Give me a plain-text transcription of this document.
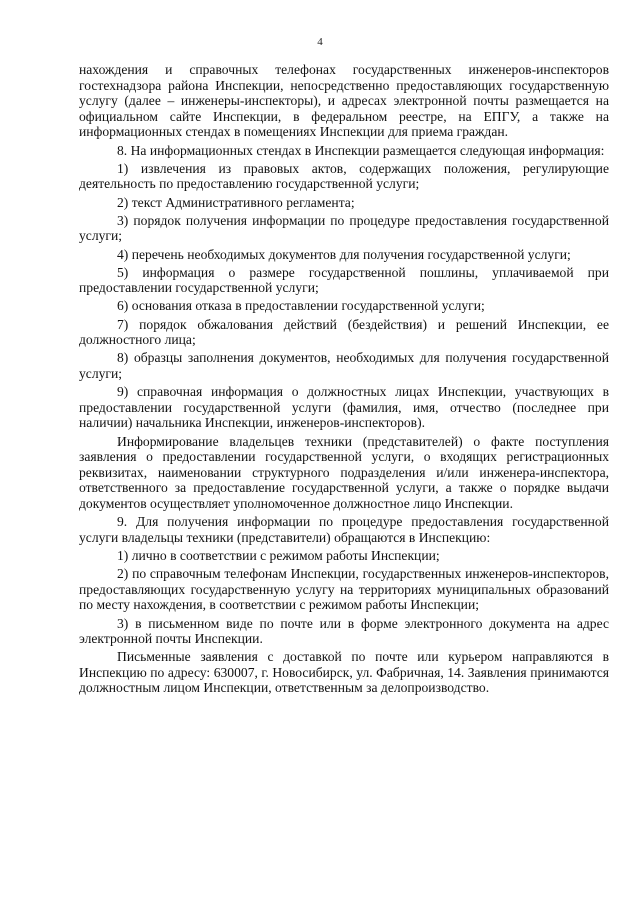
4

нахождения и справочных телефонах государственных инженеров-инспекторов гостехнадзора района Инспекции, непосредственно предоставляющих государственную услугу (далее – инженеры-инспекторы), и адресах электронной почты размещается на официальном сайте Инспекции, в федеральном реестре, на ЕПГУ, а также на информационных стендах в помещениях Инспекции для приема граждан.

8. На информационных стендах в Инспекции размещается следующая информация:

1) извлечения из правовых актов, содержащих положения, регулирующие деятельность по предоставлению государственной услуги;

2) текст Административного регламента;

3) порядок получения информации по процедуре предоставления государственной услуги;

4) перечень необходимых документов для получения государственной услуги;

5) информация о размере государственной пошлины, уплачиваемой при предоставлении государственной услуги;

6) основания отказа в предоставлении государственной услуги;

7) порядок обжалования действий (бездействия) и решений Инспекции, ее должностного лица;

8) образцы заполнения документов, необходимых для получения государственной услуги;

9) справочная информация о должностных лицах Инспекции, участвующих в предоставлении государственной услуги (фамилия, имя, отчество (последнее при наличии) начальника Инспекции, инженеров-инспекторов).

Информирование владельцев техники (представителей) о факте поступления заявления о предоставлении государственной услуги, о входящих регистрационных реквизитах, наименовании структурного подразделения и/или инженера-инспектора, ответственного за предоставление государственной услуги, а также о порядке выдачи документов осуществляет уполномоченное должностное лицо Инспекции.

9. Для получения информации по процедуре предоставления государственной услуги владельцы техники (представители) обращаются в Инспекцию:

1) лично в соответствии с режимом работы Инспекции;

2) по справочным телефонам Инспекции, государственных инженеров-инспекторов, предоставляющих государственную услугу на территориях муниципальных образований по месту нахождения, в соответствии с режимом работы Инспекции;

3) в письменном виде по почте или в форме электронного документа на адрес электронной почты Инспекции.

Письменные заявления с доставкой по почте или курьером направляются в Инспекцию по адресу: 630007, г. Новосибирск, ул. Фабричная, 14. Заявления принимаются должностным лицом Инспекции, ответственным за делопроизводство.
